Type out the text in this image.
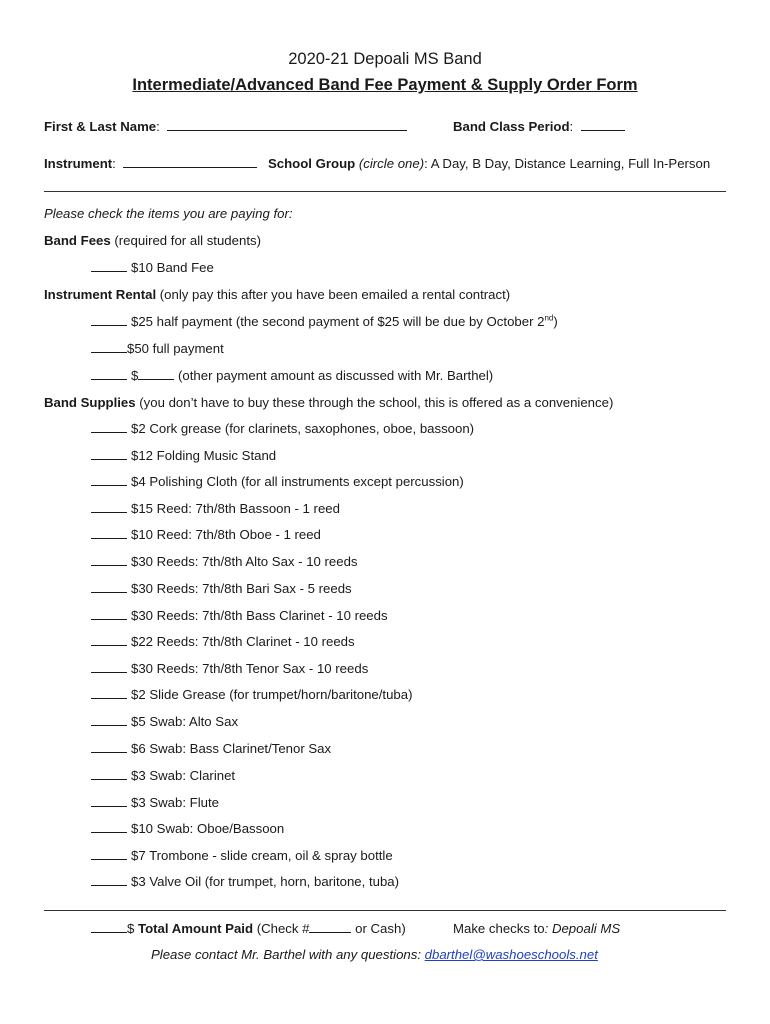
2020-21 Depoali MS Band
Intermediate/Advanced Band Fee Payment & Supply Order Form
First & Last Name:	Band Class Period:
Instrument:	School Group (circle one): A Day, B Day, Distance Learning, Full In-Person
Please check the items you are paying for:
Band Fees (required for all students)
$10 Band Fee
Instrument Rental (only pay this after you have been emailed a rental contract)
$25 half payment (the second payment of $25 will be due by October 2nd)
$50 full payment
$	(other payment amount as discussed with Mr. Barthel)
Band Supplies (you don’t have to buy these through the school, this is offered as a convenience)
$2 Cork grease (for clarinets, saxophones, oboe, bassoon)
$12 Folding Music Stand
$4 Polishing Cloth (for all instruments except percussion)
$15 Reed: 7th/8th Bassoon - 1 reed
$10 Reed: 7th/8th Oboe - 1 reed
$30 Reeds: 7th/8th Alto Sax - 10 reeds
$30 Reeds: 7th/8th Bari Sax - 5 reeds
$30 Reeds: 7th/8th Bass Clarinet - 10 reeds
$22 Reeds: 7th/8th Clarinet - 10 reeds
$30 Reeds: 7th/8th Tenor Sax - 10 reeds
$2 Slide Grease (for trumpet/horn/baritone/tuba)
$5 Swab: Alto Sax
$6 Swab: Bass Clarinet/Tenor Sax
$3 Swab: Clarinet
$3 Swab: Flute
$10 Swab: Oboe/Bassoon
$7 Trombone - slide cream, oil & spray bottle
$3 Valve Oil (for trumpet, horn, baritone, tuba)
$ Total Amount Paid (Check #	or Cash)	Make checks to: Depoali MS
Please contact Mr. Barthel with any questions: dbarthel@washoeschools.net
